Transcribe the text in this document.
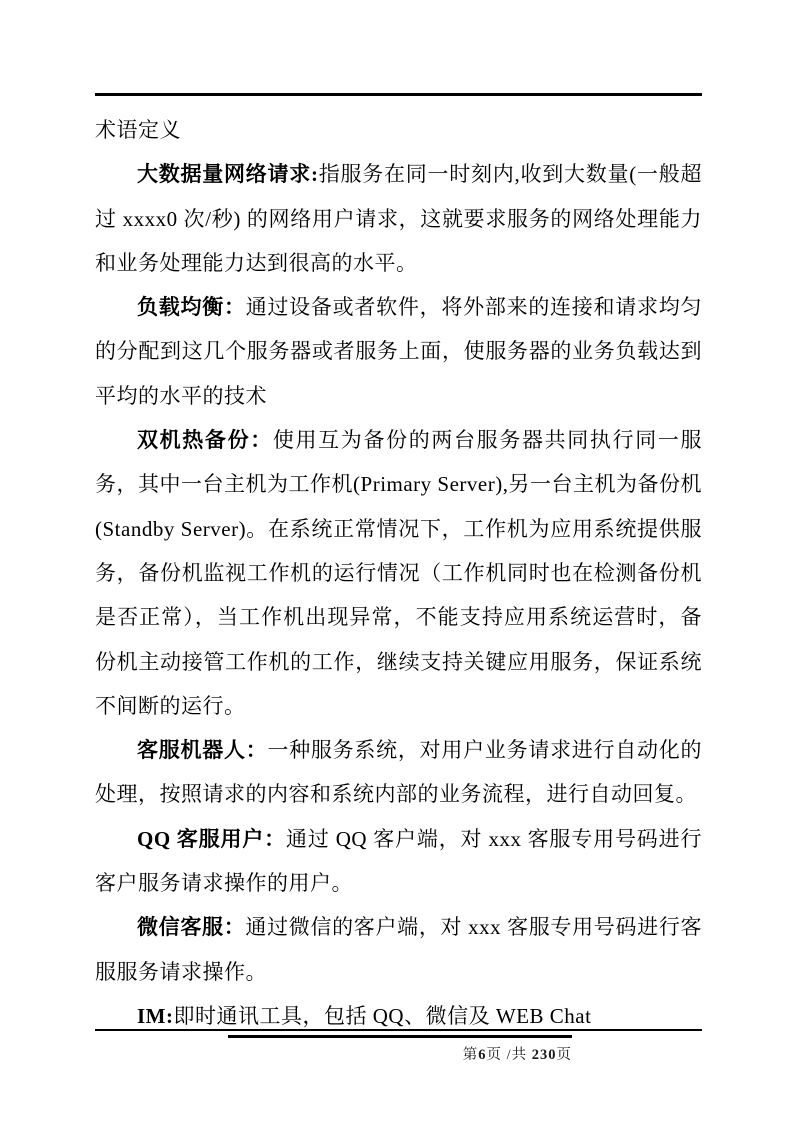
术语定义

大数据量网络请求:指服务在同一时刻内,收到大数量(一般超过 xxxx0 次/秒) 的网络用户请求，这就要求服务的网络处理能力和业务处理能力达到很高的水平。

负载均衡：通过设备或者软件，将外部来的连接和请求均匀的分配到这几个服务器或者服务上面，使服务器的业务负载达到平均的水平的技术

双机热备份：使用互为备份的两台服务器共同执行同一服务，其中一台主机为工作机(Primary Server),另一台主机为备份机(Standby Server)。在系统正常情况下，工作机为应用系统提供服务，备份机监视工作机的运行情况（工作机同时也在检测备份机是否正常），当工作机出现异常，不能支持应用系统运营时，备份机主动接管工作机的工作，继续支持关键应用服务，保证系统不间断的运行。

客服机器人：一种服务系统，对用户业务请求进行自动化的处理，按照请求的内容和系统内部的业务流程，进行自动回复。

QQ 客服用户：通过 QQ 客户端，对 xxx 客服专用号码进行客户服务请求操作的用户。

微信客服：通过微信的客户端，对 xxx 客服专用号码进行客服服务请求操作。

IM:即时通讯工具，包括 QQ、微信及 WEB Chat

第6页 /共 230页
